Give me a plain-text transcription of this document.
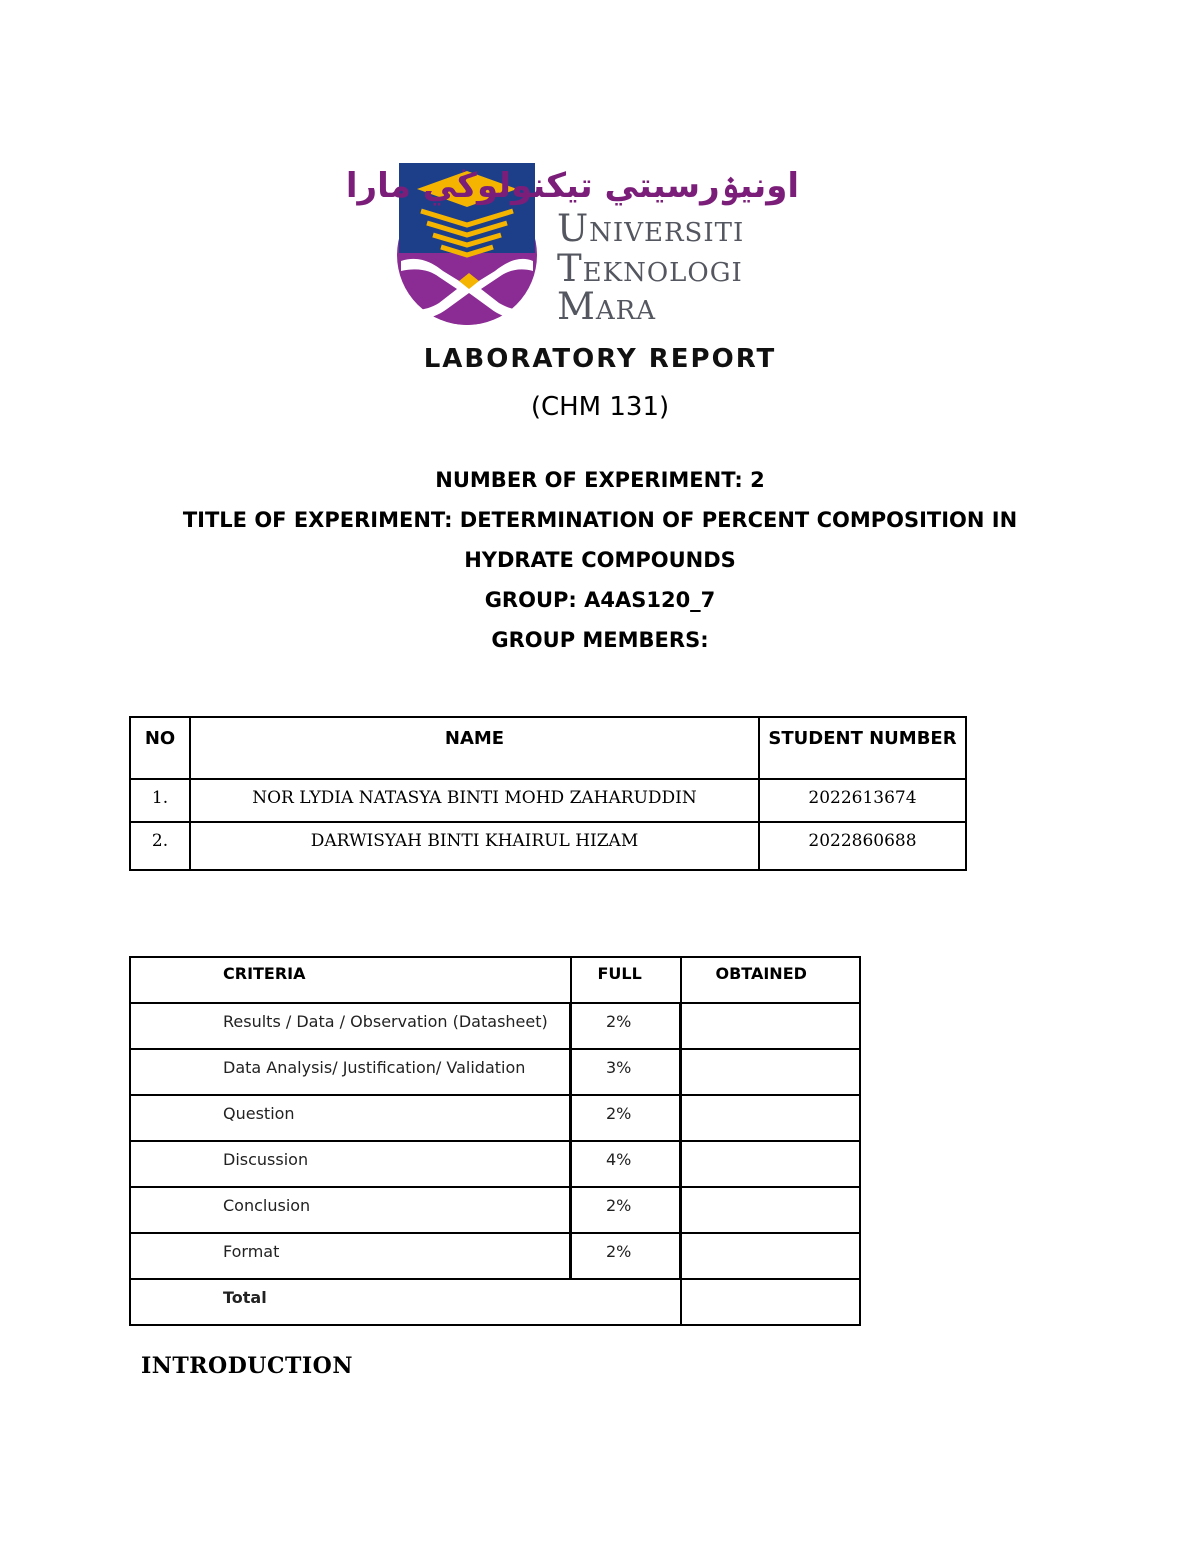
اونيۏرسيتي تيكنولوڬي مارا
Universiti
Teknologi
Mara
LABORATORY REPORT
(CHM 131)
NUMBER OF EXPERIMENT: 2
TITLE OF EXPERIMENT: DETERMINATION OF PERCENT COMPOSITION IN
HYDRATE COMPOUNDS
GROUP: A4AS120_7
GROUP MEMBERS:
NO	NAME	STUDENT NUMBER
1.	NOR LYDIA NATASYA BINTI MOHD ZAHARUDDIN	2022613674
2.	DARWISYAH BINTI KHAIRUL HIZAM	2022860688
CRITERIA	FULL	OBTAINED
Results / Data / Observation (Datasheet)	2%	
Data Analysis/ Justification/ Validation	3%	
Question	2%	
Discussion	4%	
Conclusion	2%	
Format	2%	
Total		
INTRODUCTION
